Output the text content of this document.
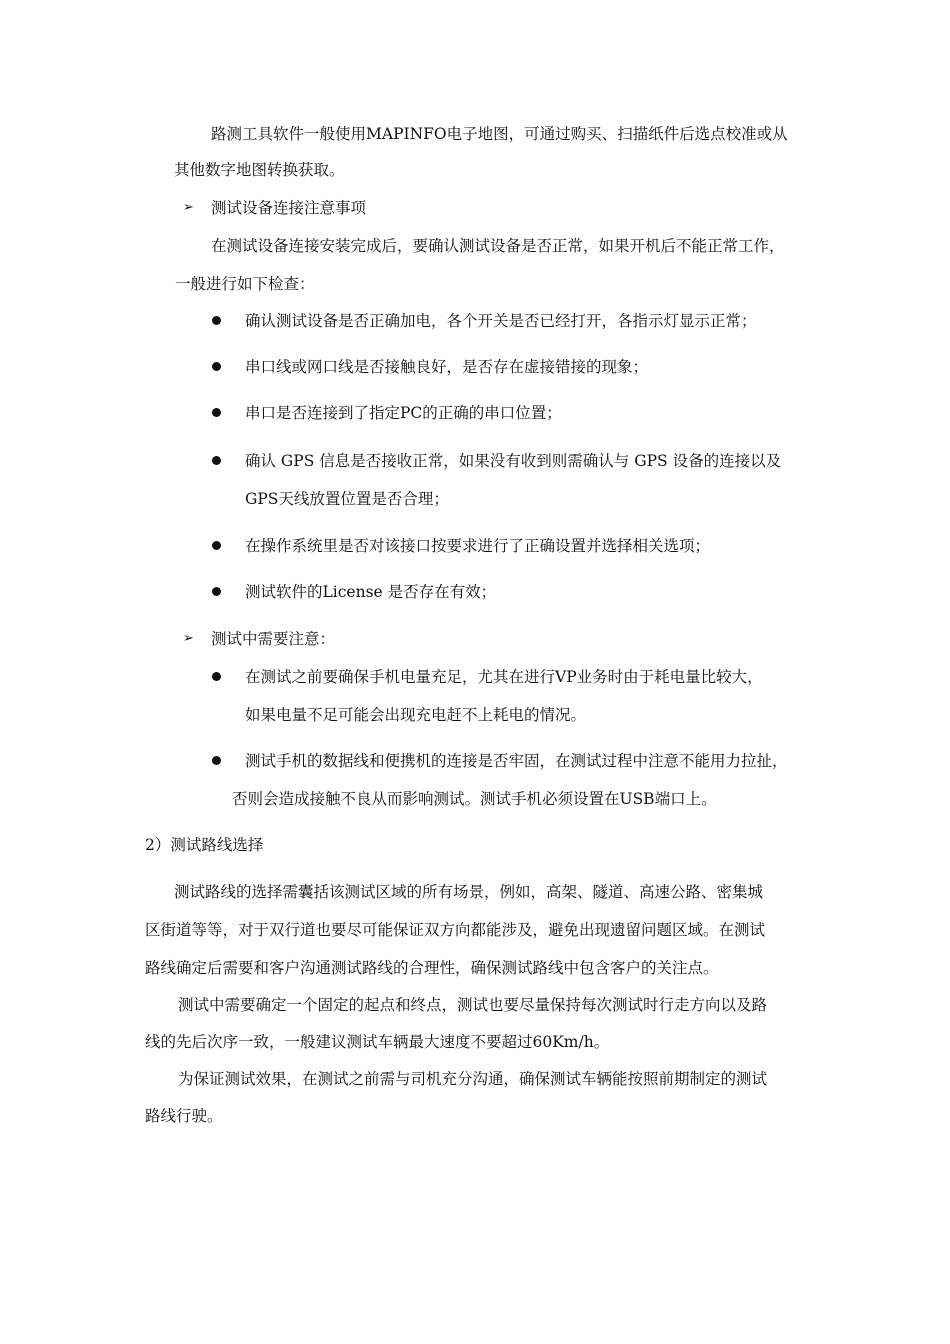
路测工具软件一般使用MAPINFO电子地图，可通过购买、扫描纸件后选点校准或从
其他数字地图转换获取。
➢ 测试设备连接注意事项
在测试设备连接安装完成后，要确认测试设备是否正常，如果开机后不能正常工作，
一般进行如下检查：
确认测试设备是否正确加电，各个开关是否已经打开，各指示灯显示正常；
串口线或网口线是否接触良好，是否存在虚接错接的现象；
串口是否连接到了指定PC的正确的串口位置；
确认 GPS 信息是否接收正常，如果没有收到则需确认与 GPS 设备的连接以及
GPS天线放置位置是否合理；
在操作系统里是否对该接口按要求进行了正确设置并选择相关选项；
测试软件的License 是否存在有效；
➢ 测试中需要注意：
在测试之前要确保手机电量充足，尤其在进行VP业务时由于耗电量比较大，
如果电量不足可能会出现充电赶不上耗电的情况。
测试手机的数据线和便携机的连接是否牢固，在测试过程中注意不能用力拉扯，
否则会造成接触不良从而影响测试。测试手机必须设置在USB端口上。
2）测试路线选择
测试路线的选择需囊括该测试区域的所有场景，例如，高架、隧道、高速公路、密集城
区街道等等，对于双行道也要尽可能保证双方向都能涉及，避免出现遗留问题区域。在测试
路线确定后需要和客户沟通测试路线的合理性，确保测试路线中包含客户的关注点。
测试中需要确定一个固定的起点和终点，测试也要尽量保持每次测试时行走方向以及路
线的先后次序一致，一般建议测试车辆最大速度不要超过60Km/h。
为保证测试效果，在测试之前需与司机充分沟通，确保测试车辆能按照前期制定的测试
路线行驶。
